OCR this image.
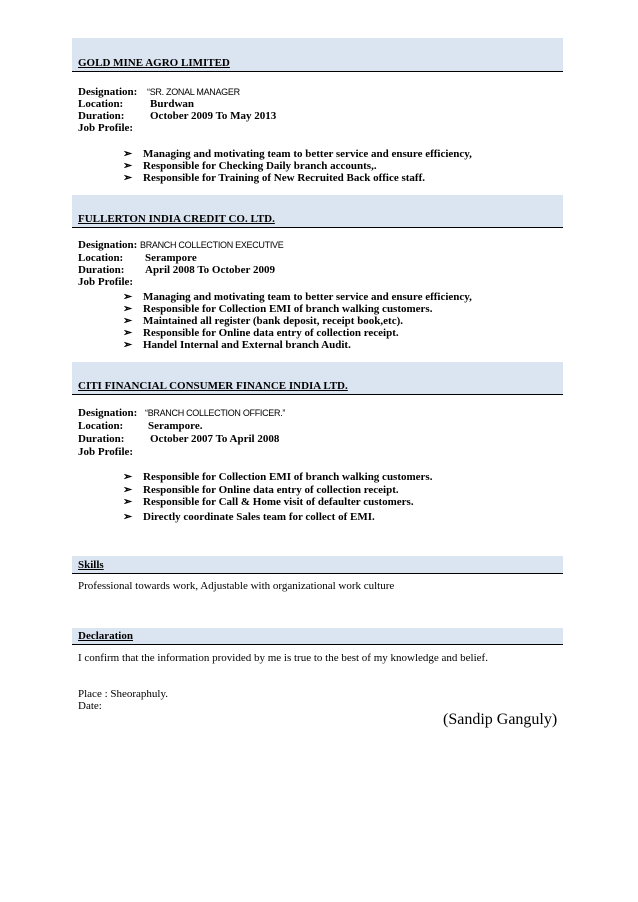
GOLD MINE AGRO LIMITED
Designation: “SR. ZONAL MANAGER
Location: Burdwan
Duration: October 2009 To May 2013
Job Profile:
➢ Managing and motivating team to better service and ensure efficiency,
➢ Responsible for Checking Daily branch accounts,.
➢ Responsible for Training of New Recruited Back office staff.
FULLERTON INDIA CREDIT CO. LTD.
Designation: BRANCH COLLECTION EXECUTIVE
Location: Serampore
Duration: April 2008 To October 2009
Job Profile:
➢ Managing and motivating team to better service and ensure efficiency,
➢ Responsible for Collection EMI of branch walking customers.
➢ Maintained all register (bank deposit, receipt book,etc).
➢ Responsible for Online data entry of collection receipt.
➢ Handel Internal and External branch Audit.
CITI FINANCIAL CONSUMER FINANCE INDIA LTD.
Designation: “BRANCH COLLECTION OFFICER.”
Location: Serampore.
Duration: October 2007 To April 2008
Job Profile:
➢ Responsible for Collection EMI of branch walking customers.
➢ Responsible for Online data entry of collection receipt.
➢ Responsible for Call & Home visit of defaulter customers.
➢ Directly coordinate Sales team for collect of EMI.
Skills
Professional towards work, Adjustable with organizational work culture
Declaration
I confirm that the information provided by me is true to the best of my knowledge and belief.
Place : Sheoraphuly.
Date:
(Sandip Ganguly)
